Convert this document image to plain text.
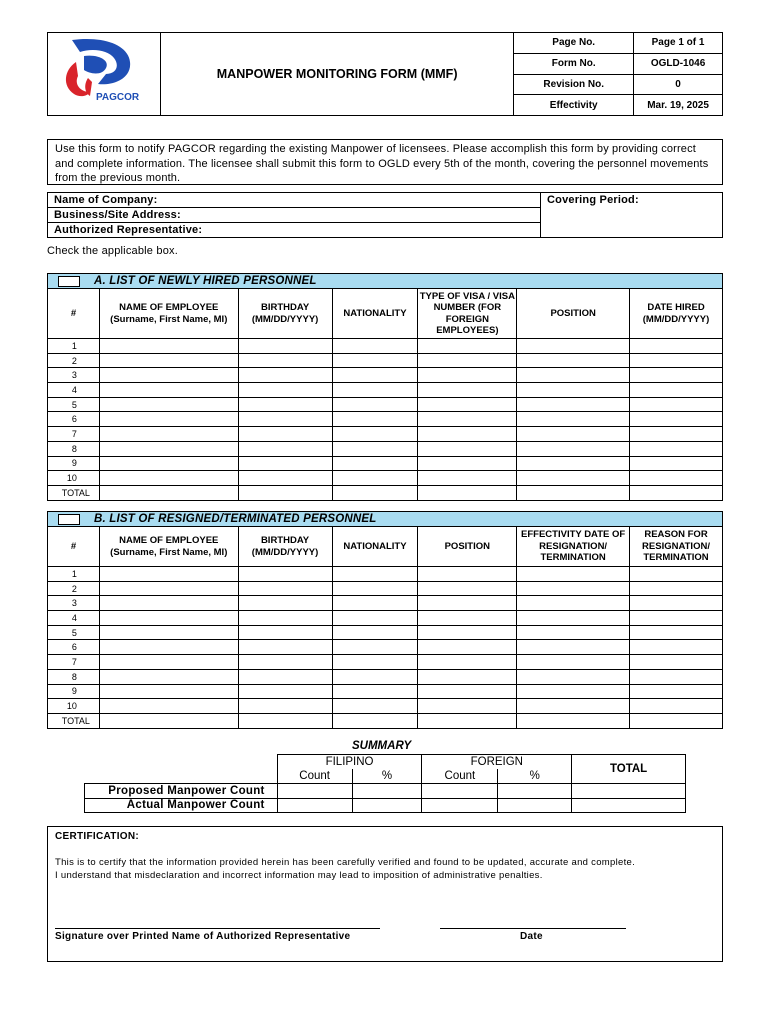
PAGCOR	MANPOWER MONITORING FORM (MMF)	Page No.	Page 1 of 1
		Form No.	OGLD-1046
		Revision No.	0
		Effectivity	Mar. 19, 2025
Use this form to notify PAGCOR regarding the existing Manpower of licensees. Please accomplish this form by providing correct and complete information. The licensee shall submit this form to OGLD every 5th of the month, covering the personnel movements from the previous month.
Name of Company:	Covering Period:
Business/Site Address:
Authorized Representative:
Check the applicable box.
A. LIST OF NEWLY HIRED PERSONNEL						
#	NAME OF EMPLOYEE (Surname, First Name, MI)	BIRTHDAY (MM/DD/YYYY)	NATIONALITY	TYPE OF VISA / VISA NUMBER (FOR FOREIGN EMPLOYEES)	POSITION	DATE HIRED (MM/DD/YYYY)
1						
2						
3						
4						
5						
6						
7						
8						
9						
10						
TOTAL						
B. LIST OF RESIGNED/TERMINATED PERSONNEL						
#	NAME OF EMPLOYEE (Surname, First Name, MI)	BIRTHDAY (MM/DD/YYYY)	NATIONALITY	POSITION	EFFECTIVITY DATE OF RESIGNATION/ TERMINATION	REASON FOR RESIGNATION/ TERMINATION
1						
2						
3						
4						
5						
6						
7						
8						
9						
10						
TOTAL						
SUMMARY
	FILIPINO		FOREIGN		TOTAL
	Count	%	Count	%	
Proposed Manpower Count					
Actual Manpower Count					
CERTIFICATION:
This is to certify that the information provided herein has been carefully verified and found to be updated, accurate and complete.
I understand that misdeclaration and incorrect information may lead to imposition of administrative penalties.
Signature over Printed Name of Authorized Representative	Date
